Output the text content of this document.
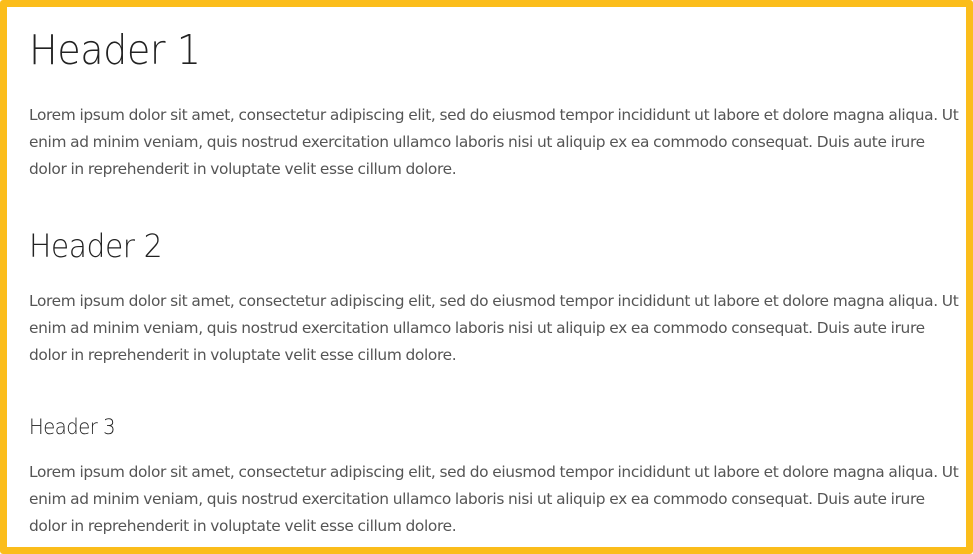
Header 1

Lorem ipsum dolor sit amet, consectetur adipiscing elit, sed do eiusmod tempor incididunt ut labore et dolore magna aliqua. Ut enim ad minim veniam, quis nostrud exercitation ullamco laboris nisi ut aliquip ex ea commodo consequat. Duis aute irure dolor in reprehenderit in voluptate velit esse cillum dolore.

Header 2

Lorem ipsum dolor sit amet, consectetur adipiscing elit, sed do eiusmod tempor incididunt ut labore et dolore magna aliqua. Ut enim ad minim veniam, quis nostrud exercitation ullamco laboris nisi ut aliquip ex ea commodo consequat. Duis aute irure dolor in reprehenderit in voluptate velit esse cillum dolore.

Header 3

Lorem ipsum dolor sit amet, consectetur adipiscing elit, sed do eiusmod tempor incididunt ut labore et dolore magna aliqua. Ut enim ad minim veniam, quis nostrud exercitation ullamco laboris nisi ut aliquip ex ea commodo consequat. Duis aute irure dolor in reprehenderit in voluptate velit esse cillum dolore.
